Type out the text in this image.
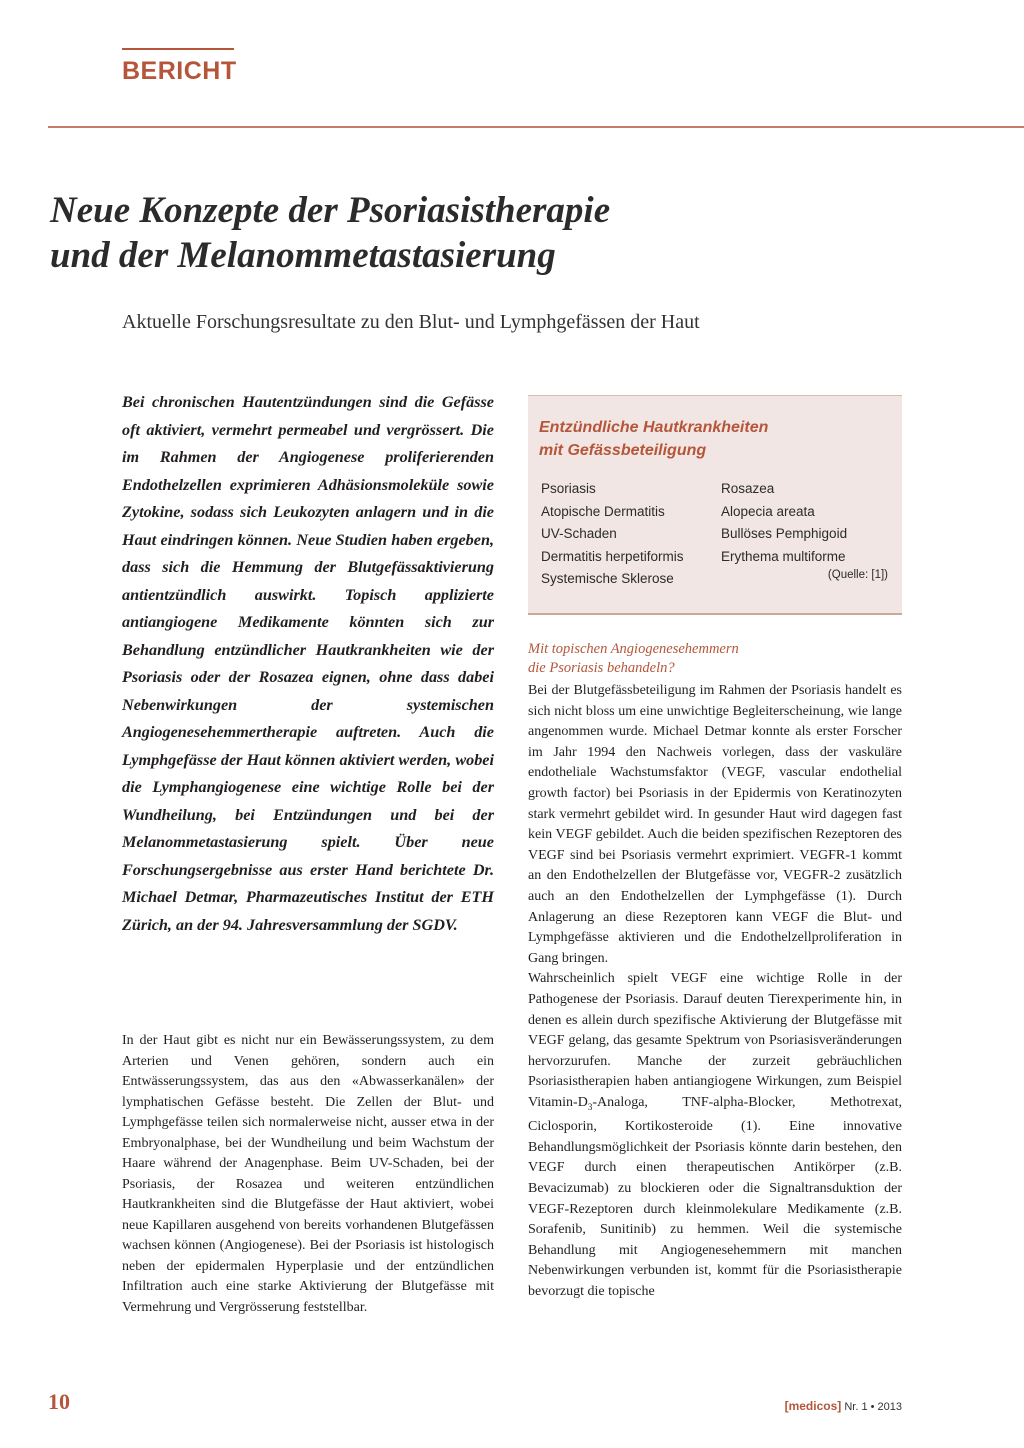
BERICHT
Neue Konzepte der Psoriasistherapie
und der Melanommetastasierung
Aktuelle Forschungsresultate zu den Blut- und Lymphgefässen der Haut

Bei chronischen Hautentzündungen sind die Gefässe oft aktiviert, vermehrt permeabel und vergrössert. Die im Rahmen der Angiogenese proliferierenden Endothelzellen exprimieren Adhäsionsmoleküle sowie Zytokine, sodass sich Leukozyten anlagern und in die Haut eindringen können. Neue Studien haben ergeben, dass sich die Hemmung der Blutgefässaktivierung antientzündlich auswirkt. Topisch applizierte antiangiogene Medikamente könnten sich zur Behandlung entzündlicher Hautkrankheiten wie der Psoriasis oder der Rosazea eignen, ohne dass dabei Nebenwirkungen der systemischen Angiogenesehemmertherapie auftreten. Auch die Lymphgefässe der Haut können aktiviert werden, wobei die Lymphangiogenese eine wichtige Rolle bei der Wundheilung, bei Entzündungen und bei der Melanommetastasierung spielt. Über neue Forschungsergebnisse aus erster Hand berichtete Dr. Michael Detmar, Pharmazeutisches Institut der ETH Zürich, an der 94. Jahresversammlung der SGDV.

In der Haut gibt es nicht nur ein Bewässerungssystem, zu dem Arterien und Venen gehören, sondern auch ein Entwässerungssystem, das aus den «Abwasserkanälen» der lymphatischen Gefässe besteht. Die Zellen der Blut- und Lymphgefässe teilen sich normalerweise nicht, ausser etwa in der Embryonalphase, bei der Wundheilung und beim Wachstum der Haare während der Anagenphase. Beim UV-Schaden, bei der Psoriasis, der Rosazea und weiteren entzündlichen Hautkrankheiten sind die Blutgefässe der Haut aktiviert, wobei neue Kapillaren ausgehend von bereits vorhandenen Blutgefässen wachsen können (Angiogenese). Bei der Psoriasis ist histologisch neben der epidermalen Hyperplasie und der entzündlichen Infiltration auch eine starke Aktivierung der Blutgefässe mit Vermehrung und Vergrösserung feststellbar.

Entzündliche Hautkrankheiten
mit Gefässbeteiligung

Psoriasis	Rosazea
Atopische Dermatitis	Alopecia areata
UV-Schaden	Bullöses Pemphigoid
Dermatitis herpetiformis	Erythema multiforme
Systemische Sklerose	(Quelle: [1])

Mit topischen Angiogenesehemmern
die Psoriasis behandeln?

Bei der Blutgefässbeteiligung im Rahmen der Psoriasis handelt es sich nicht bloss um eine unwichtige Begleiterscheinung, wie lange angenommen wurde. Michael Detmar konnte als erster Forscher im Jahr 1994 den Nachweis vorlegen, dass der vaskuläre endotheliale Wachstumsfaktor (VEGF, vascular endothelial growth factor) bei Psoriasis in der Epidermis von Keratinozyten stark vermehrt gebildet wird. In gesunder Haut wird dagegen fast kein VEGF gebildet. Auch die beiden spezifischen Rezeptoren des VEGF sind bei Psoriasis vermehrt exprimiert. VEGFR-1 kommt an den Endothelzellen der Blutgefässe vor, VEGFR-2 zusätzlich auch an den Endothelzellen der Lymphgefässe (1). Durch Anlagerung an diese Rezeptoren kann VEGF die Blut- und Lymphgefässe aktivieren und die Endothelzellproliferation in Gang bringen.

Wahrscheinlich spielt VEGF eine wichtige Rolle in der Pathogenese der Psoriasis. Darauf deuten Tierexperimente hin, in denen es allein durch spezifische Aktivierung der Blutgefässe mit VEGF gelang, das gesamte Spektrum von Psoriasisveränderungen hervorzurufen. Manche der zurzeit gebräuchlichen Psoriasistherapien haben antiangiogene Wirkungen, zum Beispiel Vitamin-$D_3$-Analoga, TNF-alpha-Blocker, Methotrexat, Ciclosporin, Kortikosteroide (1). Eine innovative Behandlungsmöglichkeit der Psoriasis könnte darin bestehen, den VEGF durch einen therapeutischen Antikörper (z.B. Bevacizumab) zu blockieren oder die Signaltransduktion der VEGF-Rezeptoren durch kleinmolekulare Medikamente (z.B. Sorafenib, Sunitinib) zu hemmen. Weil die systemische Behandlung mit Angiogenesehemmern mit manchen Nebenwirkungen verbunden ist, kommt für die Psoriasistherapie bevorzugt die topische

10	[medicos] Nr. 1 • 2013
